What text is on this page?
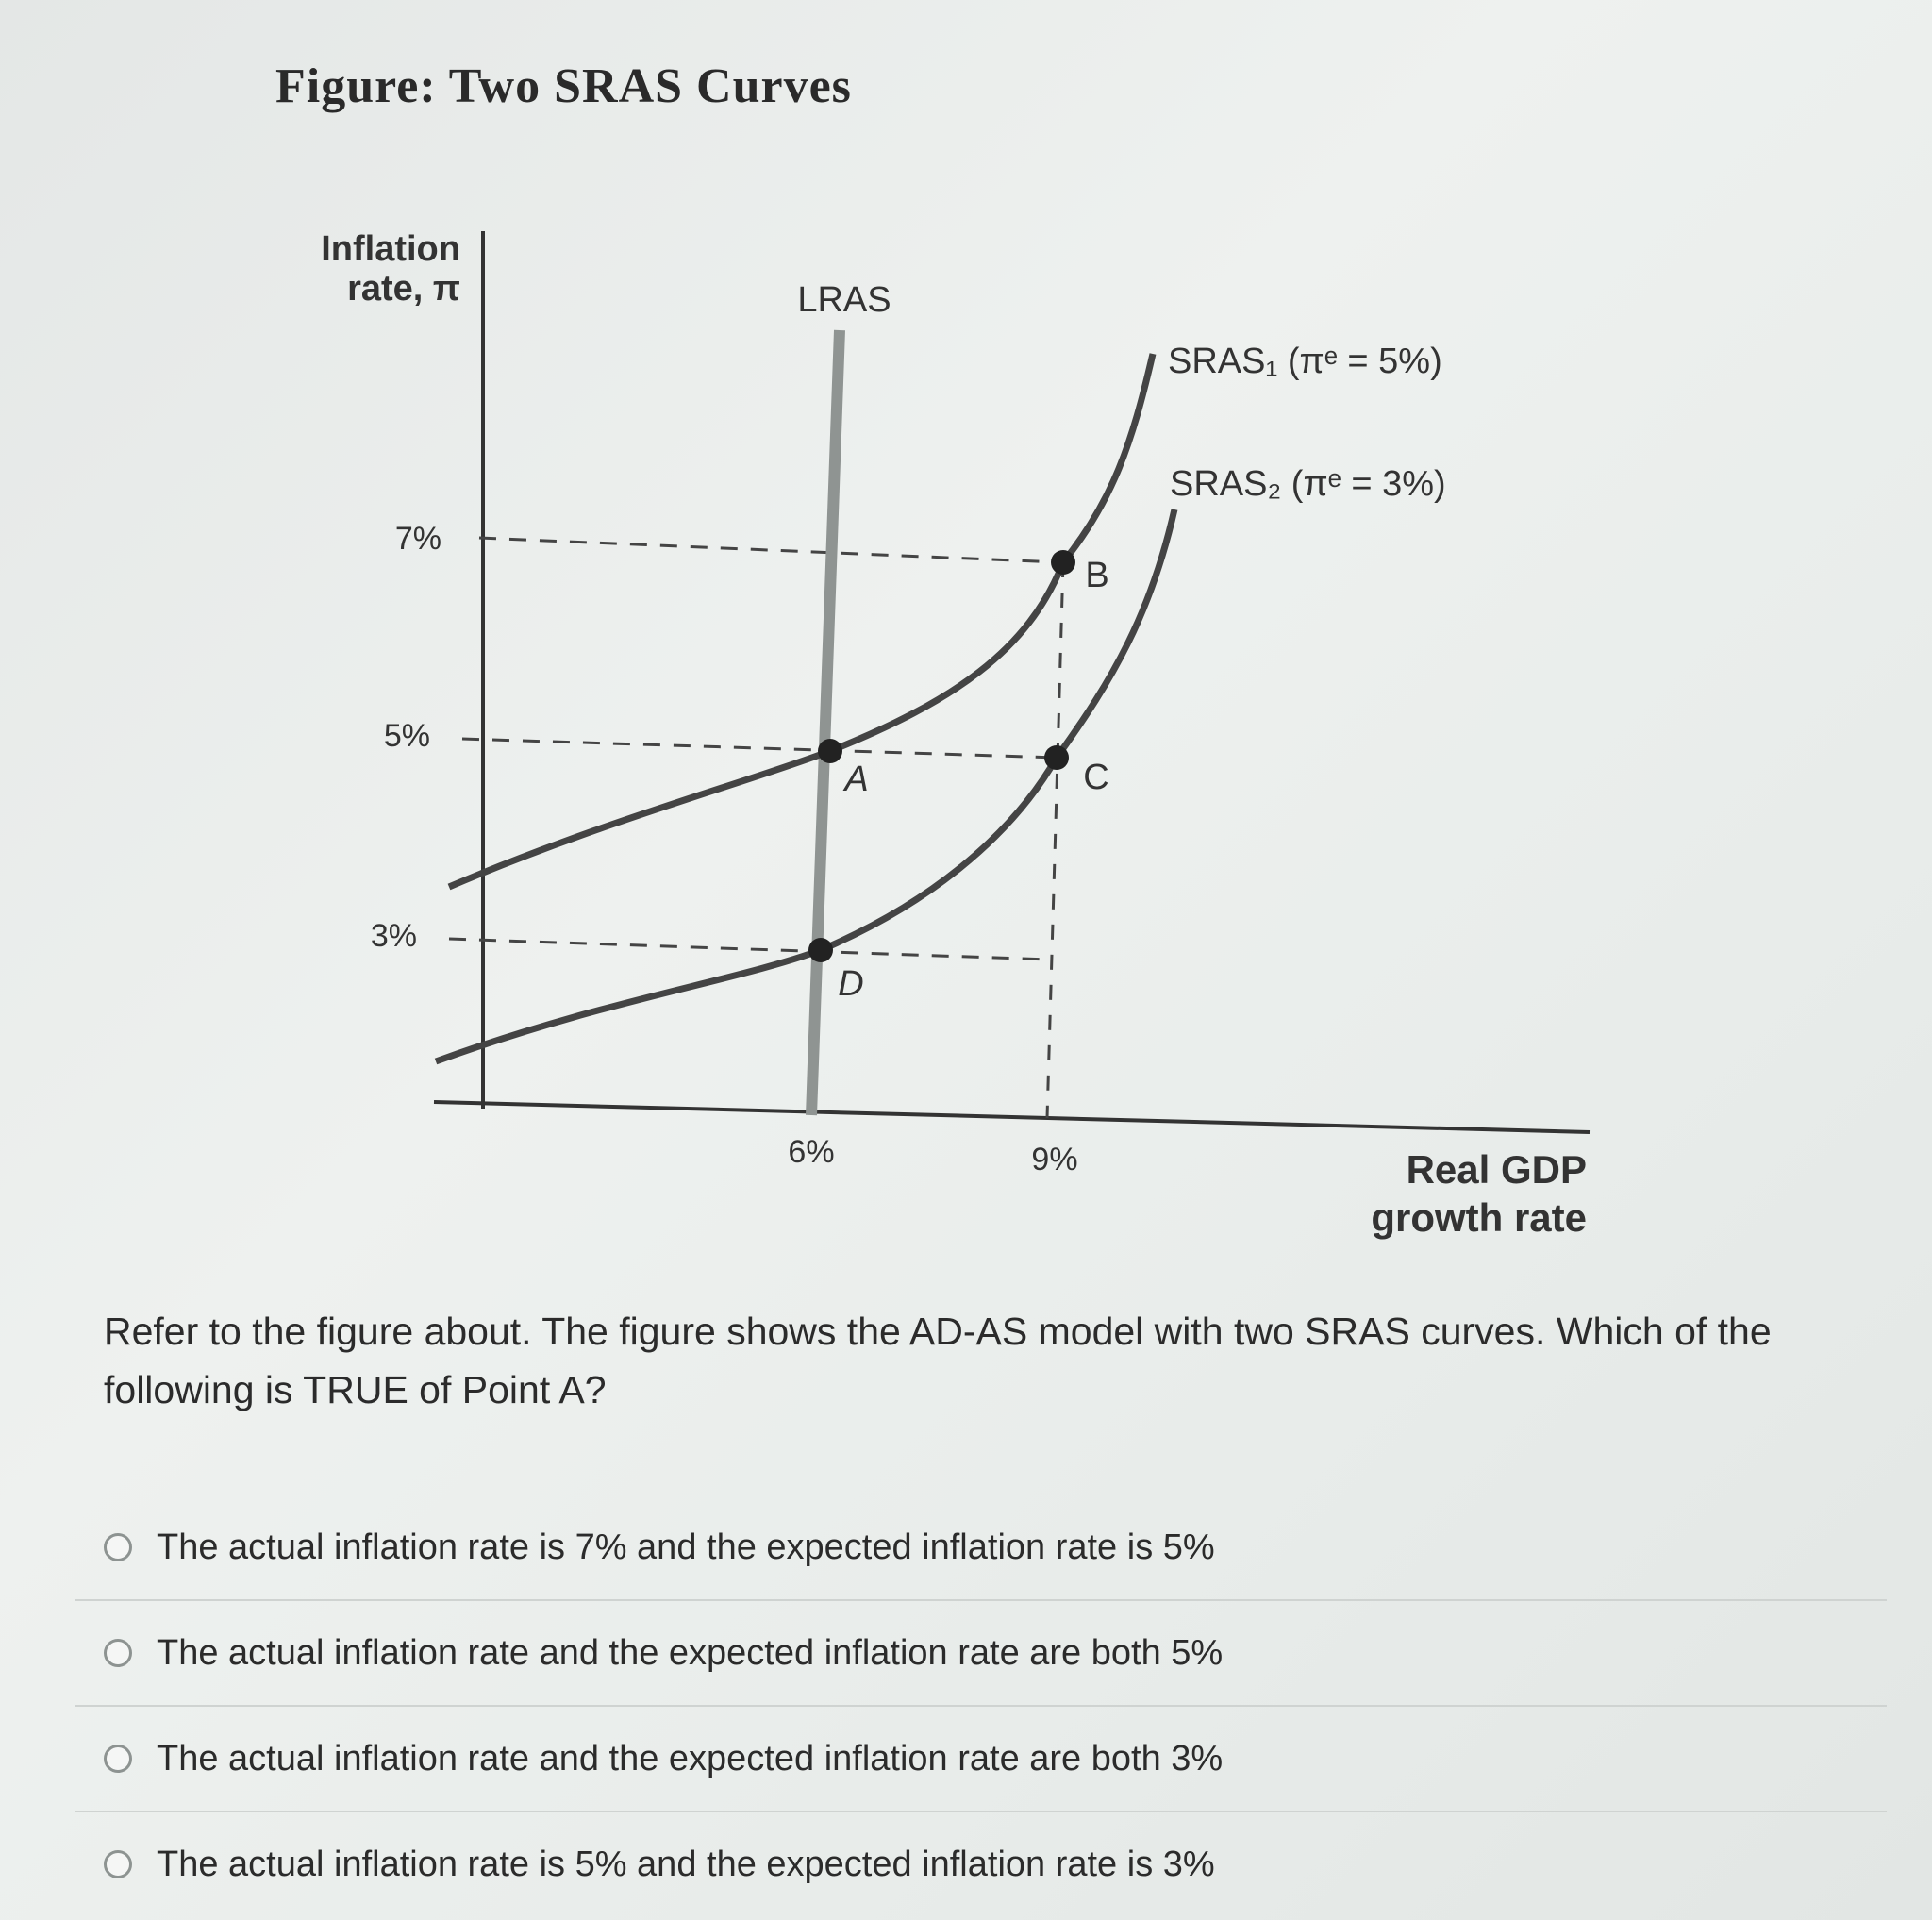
Figure: Two SRAS Curves
Inflation
rate, π
Real GDP
growth rate
7%
5%
3%
6%	9%
LRAS
SRAS₁ (πᵉ = 5%)
SRAS₂ (πᵉ = 3%)
A
B
C
D
Refer to the figure about. The figure shows the AD-AS model with two SRAS curves. Which of the following is TRUE of Point A?
The actual inflation rate is 7% and the expected inflation rate is 5%
The actual inflation rate and the expected inflation rate are both 5%
The actual inflation rate and the expected inflation rate are both 3%
The actual inflation rate is 5% and the expected inflation rate is 3%
